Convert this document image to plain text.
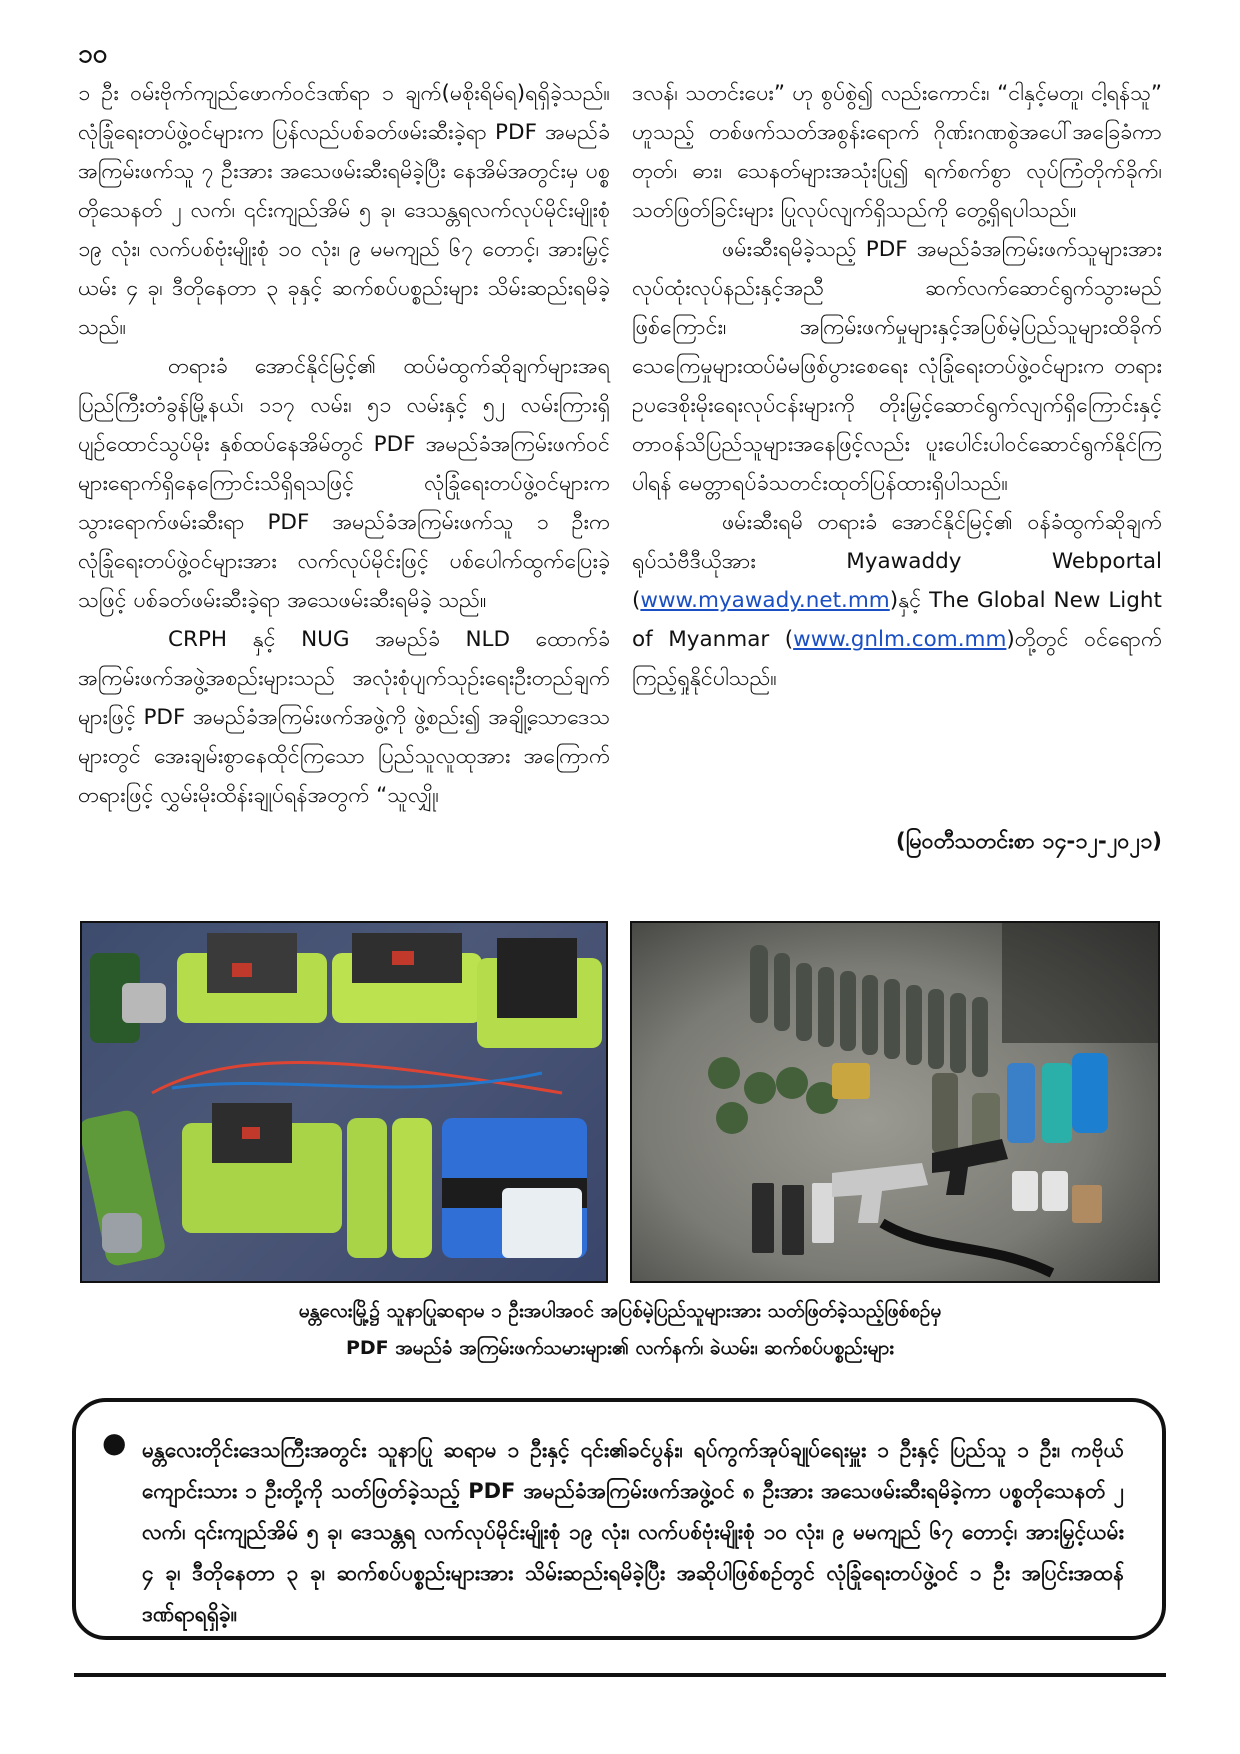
၁၀

၁ ဦး ဝမ်းဗိုက်ကျည်ဖောက်ဝင်ဒဏ်ရာ ၁ ချက်(မစိုးရိမ်ရ)ရရှိခဲ့သည်။ လုံခြုံရေးတပ်ဖွဲ့ဝင်များက ပြန်လည်ပစ်ခတ်ဖမ်းဆီးခဲ့ရာ PDF အမည်ခံအကြမ်းဖက်သူ ၇ ဦးအား အသေဖမ်းဆီးရမိခဲ့ပြီး နေအိမ်အတွင်းမှ ပစ္စတိုသေနတ် ၂ လက်၊ ၎င်းကျည်အိမ် ၅ ခု၊ ဒေသန္တရလက်လုပ်မိုင်းမျိုးစုံ ၁၉ လုံး၊ လက်ပစ်ဗုံးမျိုးစုံ ၁၀ လုံး၊ ၉ မမကျည် ၆၇ တောင့်၊ အားမြှင့်ယမ်း ၄ ခု၊ ဒီတိုနေတာ ၃ ခုနှင့် ဆက်စပ်ပစ္စည်းများ သိမ်းဆည်းရမိခဲ့သည်။

တရားခံ အောင်နိုင်မြင့်၏ ထပ်မံထွက်ဆိုချက်များအရ ပြည်ကြီးတံခွန်မြို့နယ်၊ ၁၁၇ လမ်း၊ ၅၁ လမ်းနှင့် ၅၂ လမ်းကြားရှိ ပျဉ်ထောင်သွပ်မိုး နှစ်ထပ်နေအိမ်တွင် PDF အမည်ခံအကြမ်းဖက်ဝင်များရောက်ရှိနေကြောင်းသိရှိရသဖြင့် လုံခြုံရေးတပ်ဖွဲ့ဝင်များက သွားရောက်ဖမ်းဆီးရာ PDF အမည်ခံအကြမ်းဖက်သူ ၁ ဦးက လုံခြုံရေးတပ်ဖွဲ့ဝင်များအား လက်လုပ်မိုင်းဖြင့် ပစ်ပေါက်ထွက်ပြေးခဲ့သဖြင့် ပစ်ခတ်ဖမ်းဆီးခဲ့ရာ အသေဖမ်းဆီးရမိခဲ့ သည်။

CRPH နှင့် NUG အမည်ခံ NLD ထောက်ခံအကြမ်းဖက်အဖွဲ့အစည်းများသည် အလုံးစုံပျက်သုဉ်းရေးဦးတည်ချက်များဖြင့် PDF အမည်ခံအကြမ်းဖက်အဖွဲ့ကို ဖွဲ့စည်း၍ အချို့သောဒေသများတွင် အေးချမ်းစွာနေထိုင်ကြသော ပြည်သူလူထုအား အကြောက်တရားဖြင့် လွှမ်းမိုးထိန်းချုပ်ရန်အတွက် “သူလျှို၊

ဒလန်၊ သတင်းပေး” ဟု စွပ်စွဲ၍ လည်းကောင်း၊ “ငါနှင့်မတူ၊ ငါ့ရန်သူ” ဟူသည့် တစ်ဖက်သတ်အစွန်းရောက် ဂိုဏ်းဂဏစွဲအပေါ်အခြေခံကာ တုတ်၊ ဓား၊ သေနတ်များအသုံးပြု၍ ရက်စက်စွာ လုပ်ကြံတိုက်ခိုက်၊ သတ်ဖြတ်ခြင်းများ ပြုလုပ်လျက်ရှိသည်ကို တွေ့ရှိရပါသည်။

ဖမ်းဆီးရမိခဲ့သည့် PDF အမည်ခံအကြမ်းဖက်သူများအား လုပ်ထုံးလုပ်နည်းနှင့်အညီ ဆက်လက်ဆောင်ရွက်သွားမည်ဖြစ်ကြောင်း၊ အကြမ်းဖက်မှုများနှင့်အပြစ်မဲ့ပြည်သူများထိခိုက်သေကြေမှုများထပ်မံမဖြစ်ပွားစေရေး လုံခြုံရေးတပ်ဖွဲ့ဝင်များက တရားဥပဒေစိုးမိုးရေးလုပ်ငန်းများကို တိုးမြှင့်ဆောင်ရွက်လျက်ရှိကြောင်းနှင့် တာဝန်သိပြည်သူများအနေဖြင့်လည်း ပူးပေါင်းပါဝင်ဆောင်ရွက်နိုင်ကြပါရန် မေတ္တာရပ်ခံသတင်းထုတ်ပြန်ထားရှိပါသည်။

ဖမ်းဆီးရမိ တရားခံ အောင်နိုင်မြင့်၏ ဝန်ခံထွက်ဆိုချက် ရုပ်သံဗီဒီယိုအား Myawaddy Webportal (www.myawady.net.mm)နှင့် The Global New Light of Myanmar (www.gnlm.com.mm)တို့တွင် ဝင်ရောက်ကြည့်ရှုနိုင်ပါသည်။

(မြဝတီသတင်းစာ ၁၄-၁၂-၂၀၂၁)

မန္တလေးမြို့၌ သူနာပြုဆရာမ ၁ ဦးအပါအဝင် အပြစ်မဲ့ပြည်သူများအား သတ်ဖြတ်ခဲ့သည့်ဖြစ်စဉ်မှ

PDF အမည်ခံ အကြမ်းဖက်သမားများ၏ လက်နက်၊ ခဲယမ်း၊ ဆက်စပ်ပစ္စည်းများ

● မန္တလေးတိုင်းဒေသကြီးအတွင်း သူနာပြု ဆရာမ ၁ ဦးနှင့် ၎င်း၏ခင်ပွန်း၊ ရပ်ကွက်အုပ်ချုပ်ရေးမှူး ၁ ဦးနှင့် ပြည်သူ ၁ ဦး၊ ကဗိုယ်ကျောင်းသား ၁ ဦးတို့ကို သတ်ဖြတ်ခဲ့သည့် PDF အမည်ခံအကြမ်းဖက်အဖွဲ့ဝင် ၈ ဦးအား အသေဖမ်းဆီးရမိခဲ့ကာ ပစ္စတိုသေနတ် ၂ လက်၊ ၎င်းကျည်အိမ် ၅ ခု၊ ဒေသန္တရ လက်လုပ်မိုင်းမျိုးစုံ ၁၉ လုံး၊ လက်ပစ်ဗုံးမျိုးစုံ ၁၀ လုံး၊ ၉ မမကျည် ၆၇ တောင့်၊ အားမြှင့်ယမ်း ၄ ခု၊ ဒီတိုနေတာ ၃ ခု၊ ဆက်စပ်ပစ္စည်းများအား သိမ်းဆည်းရမိခဲ့ပြီး အဆိုပါဖြစ်စဉ်တွင် လုံခြုံရေးတပ်ဖွဲ့ဝင် ၁ ဦး အပြင်းအထန်ဒဏ်ရာရရှိခဲ့။
